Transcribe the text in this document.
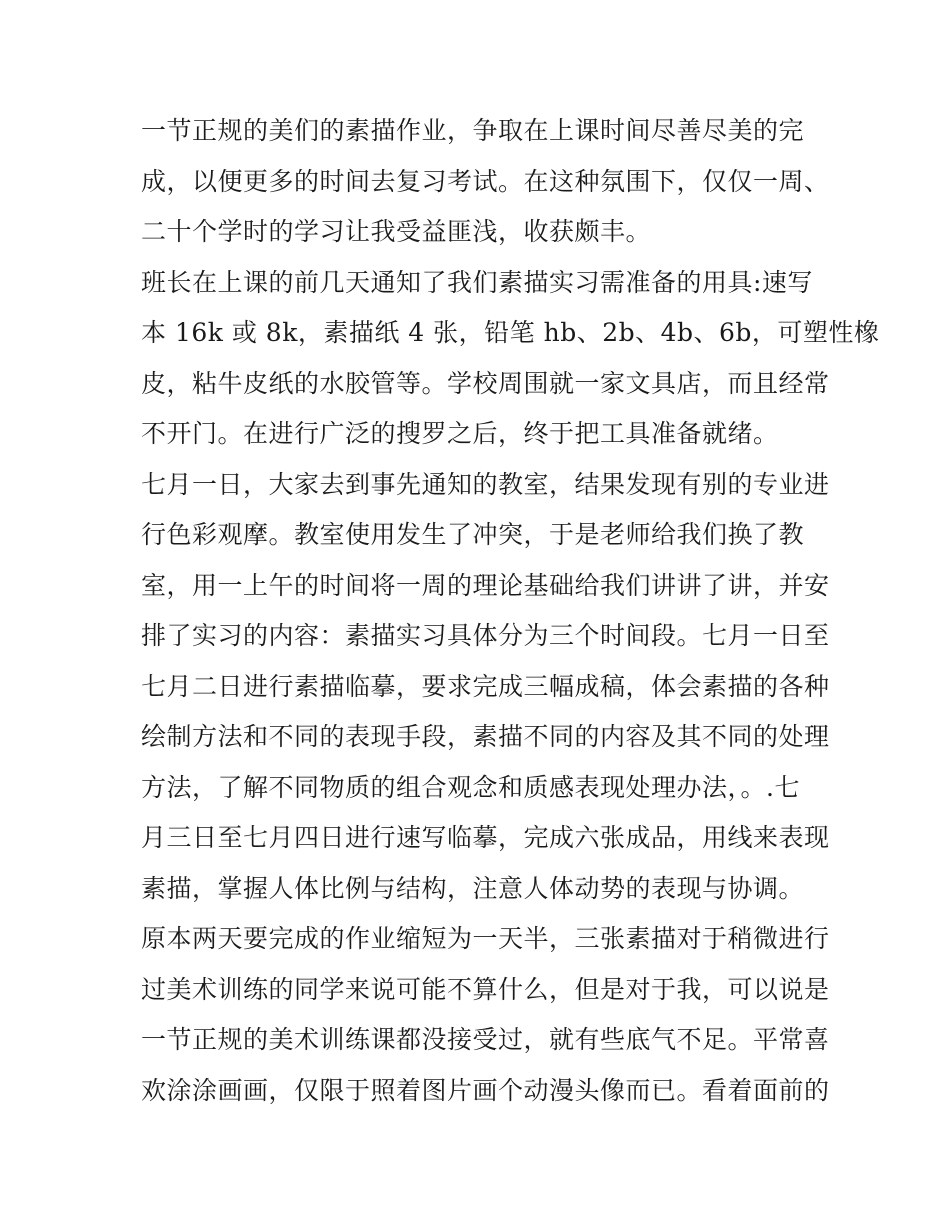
一节正规的美们的素描作业，争取在上课时间尽善尽美的完
成，以便更多的时间去复习考试。在这种氛围下，仅仅一周、
二十个学时的学习让我受益匪浅，收获颇丰。
班长在上课的前几天通知了我们素描实习需准备的用具:速写
本 16k 或 8k，素描纸 4 张，铅笔 hb、2b、4b、6b，可塑性橡
皮，粘牛皮纸的水胶管等。学校周围就一家文具店，而且经常
不开门。在进行广泛的搜罗之后，终于把工具准备就绪。
七月一日，大家去到事先通知的教室，结果发现有别的专业进
行色彩观摩。教室使用发生了冲突，于是老师给我们换了教
室，用一上午的时间将一周的理论基础给我们讲讲了讲，并安
排了实习的内容：素描实习具体分为三个时间段。七月一日至
七月二日进行素描临摹，要求完成三幅成稿，体会素描的各种
绘制方法和不同的表现手段，素描不同的内容及其不同的处理
方法，了解不同物质的组合观念和质感表现处理办法，。.七
月三日至七月四日进行速写临摹，完成六张成品，用线来表现
素描，掌握人体比例与结构，注意人体动势的表现与协调。
原本两天要完成的作业缩短为一天半，三张素描对于稍微进行
过美术训练的同学来说可能不算什么，但是对于我，可以说是
一节正规的美术训练课都没接受过，就有些底气不足。平常喜
欢涂涂画画，仅限于照着图片画个动漫头像而已。看着面前的
